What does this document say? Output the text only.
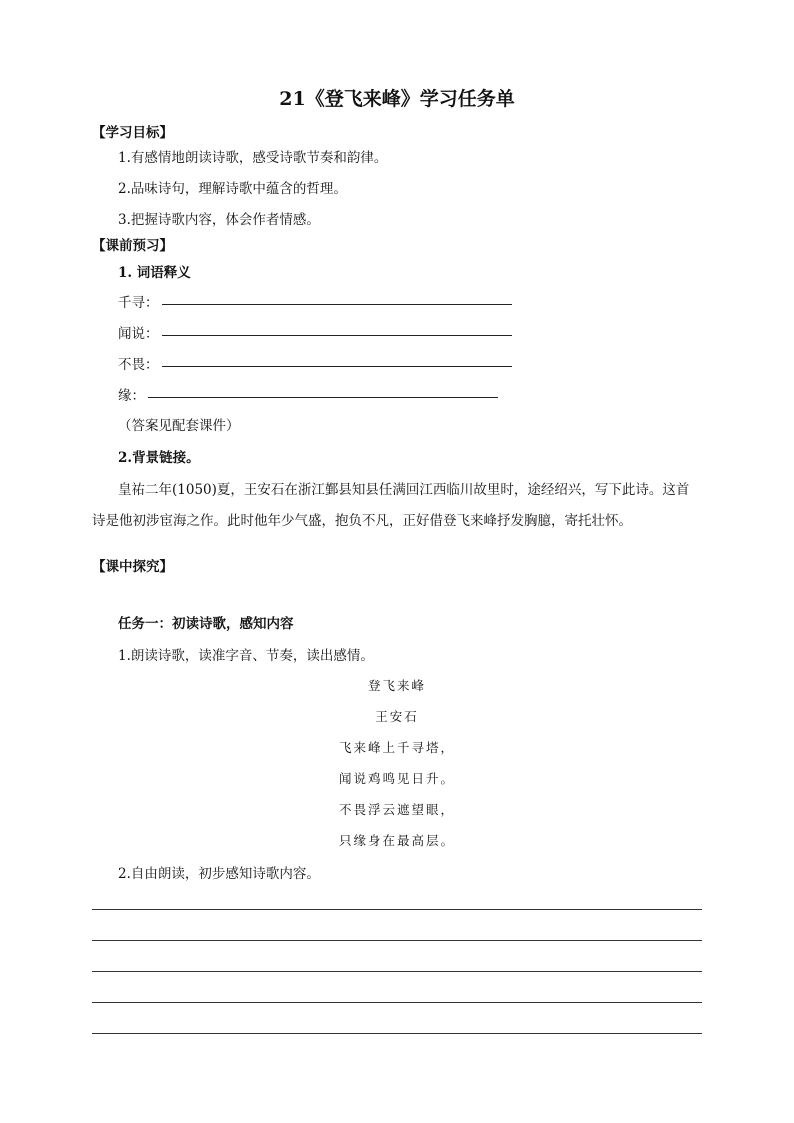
21《登飞来峰》学习任务单
【学习目标】
1.有感情地朗读诗歌，感受诗歌节奏和韵律。
2.品味诗句，理解诗歌中蕴含的哲理。
3.把握诗歌内容，体会作者情感。
【课前预习】
1. 词语释义
千寻：
闻说：
不畏：
缘：
（答案见配套课件）
2.背景链接。
皇祐二年(1050)夏，王安石在浙江鄞县知县任满回江西临川故里时，途经绍兴，写下此诗。这首
诗是他初涉宦海之作。此时他年少气盛，抱负不凡，正好借登飞来峰抒发胸臆，寄托壮怀。
【课中探究】
任务一：初读诗歌，感知内容
1.朗读诗歌，读准字音、节奏，读出感情。
登飞来峰
王安石
飞来峰上千寻塔，
闻说鸡鸣见日升。
不畏浮云遮望眼，
只缘身在最高层。
2.自由朗读，初步感知诗歌内容。
